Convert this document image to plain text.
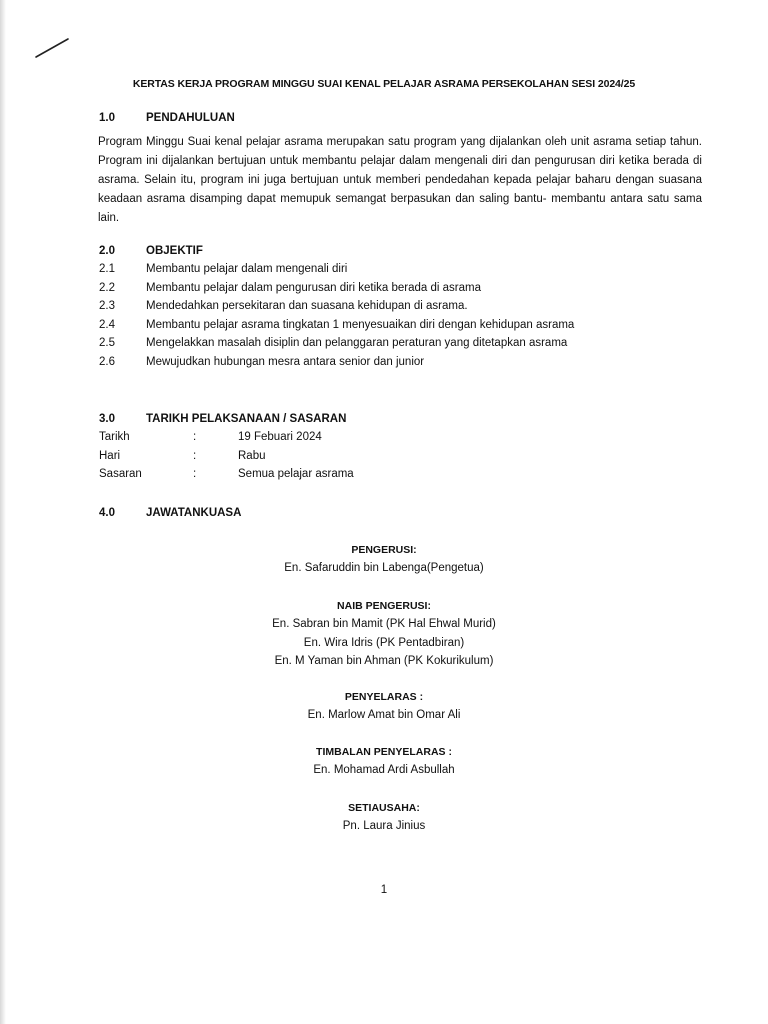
KERTAS KERJA PROGRAM MINGGU SUAI KENAL PELAJAR ASRAMA PERSEKOLAHAN SESI 2024/25
1.0	PENDAHULUAN
Program Minggu Suai kenal pelajar asrama merupakan satu program yang dijalankan oleh unit asrama setiap tahun. Program ini dijalankan bertujuan untuk membantu pelajar dalam mengenali diri dan pengurusan diri ketika berada di asrama. Selain itu, program ini juga bertujuan untuk memberi pendedahan kepada pelajar baharu dengan suasana keadaan asrama disamping dapat memupuk semangat berpasukan dan saling bantu- membantu antara satu sama lain.
2.0	OBJEKTIF
2.1	Membantu pelajar dalam mengenali diri
2.2	Membantu pelajar dalam pengurusan diri ketika berada di asrama
2.3	Mendedahkan persekitaran dan suasana kehidupan di asrama.
2.4	Membantu pelajar asrama tingkatan 1 menyesuaikan diri dengan kehidupan asrama
2.5	Mengelakkan masalah disiplin dan pelanggaran peraturan yang ditetapkan asrama
2.6	Mewujudkan hubungan mesra antara senior dan junior
3.0	TARIKH PELAKSANAAN / SASARAN
Tarikh	:	19 Febuari 2024
Hari	:	Rabu
Sasaran	:	Semua pelajar asrama
4.0	JAWATANKUASA
PENGERUSI:
En. Safaruddin bin Labenga(Pengetua)
NAIB PENGERUSI:
En. Sabran bin Mamit (PK Hal Ehwal Murid)
En. Wira Idris (PK Pentadbiran)
En. M Yaman bin Ahman (PK Kokurikulum)
PENYELARAS :
En. Marlow Amat bin Omar Ali
TIMBALAN PENYELARAS :
En. Mohamad Ardi Asbullah
SETIAUSAHA:
Pn. Laura Jinius
1
